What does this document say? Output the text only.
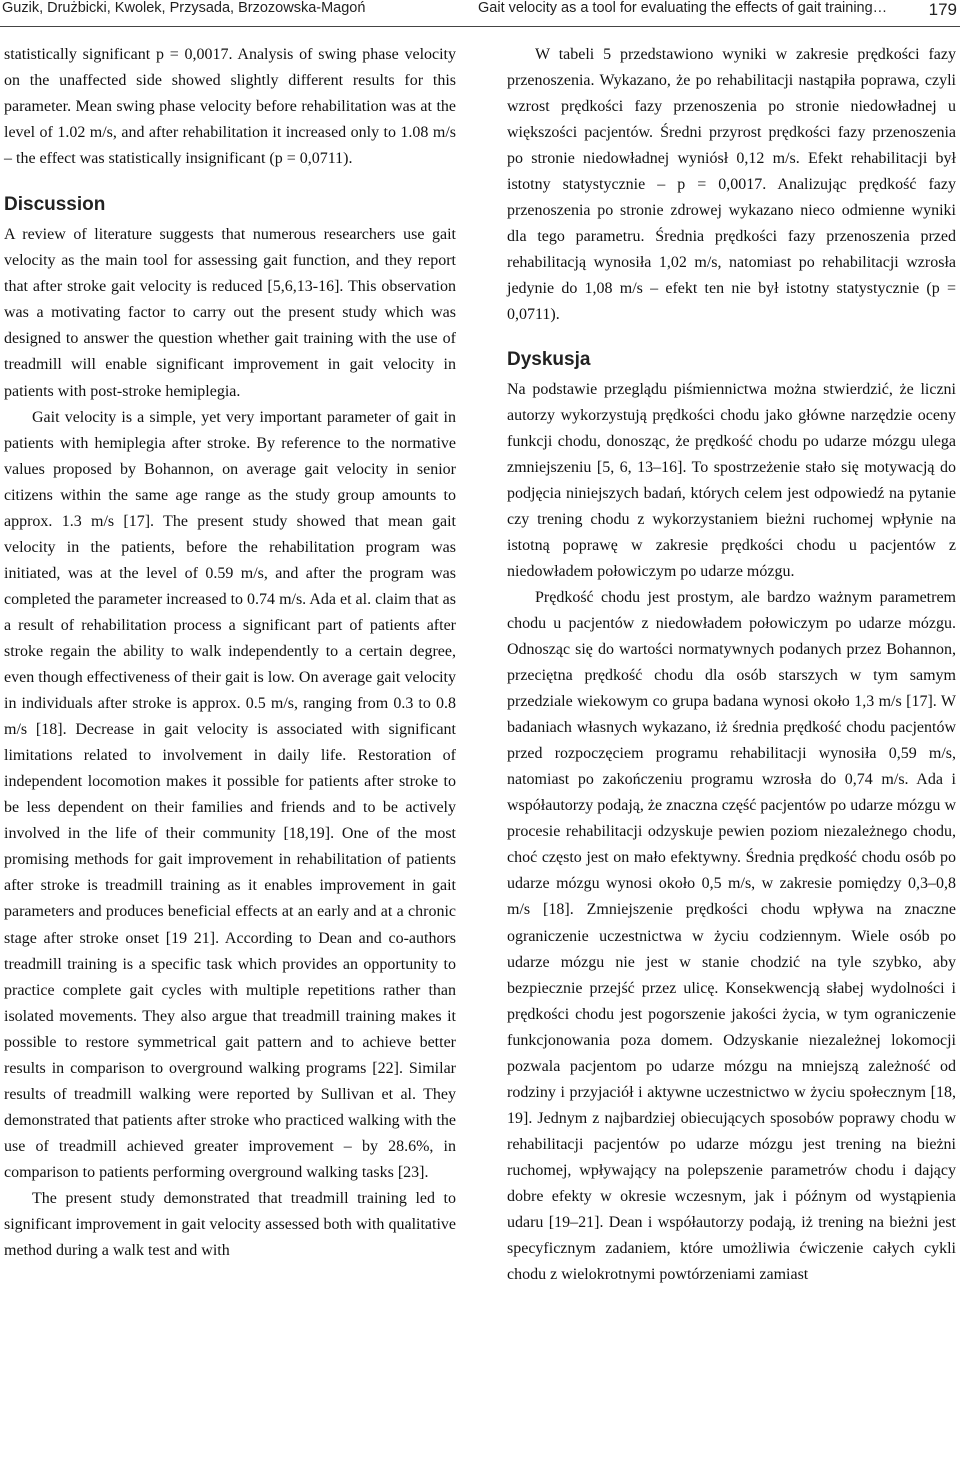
Guzik, Drużbicki, Kwolek, Przysada, Brzozowska-Magoń	Gait velocity as a tool for evaluating the effects of gait training… 179

statistically significant p = 0,0017. Analysis of swing phase velocity on the unaffected side showed slightly different results for this parameter. Mean swing phase velocity before rehabilitation was at the level of 1.02 m/s, and after rehabilitation it increased only to 1.08 m/s – the effect was statistically insignificant (p = 0,0711).

Discussion

A review of literature suggests that numerous researchers use gait velocity as the main tool for assessing gait function, and they report that after stroke gait velocity is reduced [5,6,13-16]. This observation was a motivating factor to carry out the present study which was designed to answer the question whether gait training with the use of treadmill will enable significant improvement in gait velocity in patients with post-stroke hemiplegia.

Gait velocity is a simple, yet very important parameter of gait in patients with hemiplegia after stroke. By reference to the normative values proposed by Bohannon, on average gait velocity in senior citizens within the same age range as the study group amounts to approx. 1.3 m/s [17]. The present study showed that mean gait velocity in the patients, before the rehabilitation program was initiated, was at the level of 0.59 m/s, and after the program was completed the parameter increased to 0.74 m/s. Ada et al. claim that as a result of rehabilitation process a significant part of patients after stroke regain the ability to walk independently to a certain degree, even though effectiveness of their gait is low. On average gait velocity in individuals after stroke is approx. 0.5 m/s, ranging from 0.3 to 0.8 m/s [18]. Decrease in gait velocity is associated with significant limitations related to involvement in daily life. Restoration of independent locomotion makes it possible for patients after stroke to be less dependent on their families and friends and to be actively involved in the life of their community [18,19]. One of the most promising methods for gait improvement in rehabilitation of patients after stroke is treadmill training as it enables improvement in gait parameters and produces beneficial effects at an early and at a chronic stage after stroke onset [19 21]. According to Dean and co-authors treadmill training is a specific task which provides an opportunity to practice complete gait cycles with multiple repetitions rather than isolated movements. They also argue that treadmill training makes it possible to restore symmetrical gait pattern and to achieve better results in comparison to overground walking programs [22]. Similar results of treadmill walking were reported by Sullivan et al. They demonstrated that patients after stroke who practiced walking with the use of treadmill achieved greater improvement – by 28.6%, in comparison to patients performing overground walking tasks [23].

The present study demonstrated that treadmill training led to significant improvement in gait velocity assessed both with qualitative method during a walk test and with

W tabeli 5 przedstawiono wyniki w zakresie prędkości fazy przenoszenia. Wykazano, że po rehabilitacji nastąpiła poprawa, czyli wzrost prędkości fazy przenoszenia po stronie niedowładnej u większości pacjentów. Średni przyrost prędkości fazy przenoszenia po stronie niedowładnej wyniósł 0,12 m/s. Efekt rehabilitacji był istotny statystycznie – p = 0,0017. Analizując prędkość fazy przenoszenia po stronie zdrowej wykazano nieco odmienne wyniki dla tego parametru. Średnia prędkości fazy przenoszenia przed rehabilitacją wynosiła 1,02 m/s, natomiast po rehabilitacji wzrosła jedynie do 1,08 m/s – efekt ten nie był istotny statystycznie (p = 0,0711).

Dyskusja

Na podstawie przeglądu piśmiennictwa można stwierdzić, że liczni autorzy wykorzystują prędkości chodu jako główne narzędzie oceny funkcji chodu, donosząc, że prędkość chodu po udarze mózgu ulega zmniejszeniu [5, 6, 13–16]. To spostrzeżenie stało się motywacją do podjęcia niniejszych badań, których celem jest odpowiedź na pytanie czy trening chodu z wykorzystaniem bieżni ruchomej wpłynie na istotną poprawę w zakresie prędkości chodu u pacjentów z niedowładem połowiczym po udarze mózgu.

Prędkość chodu jest prostym, ale bardzo ważnym parametrem chodu u pacjentów z niedowładem połowiczym po udarze mózgu. Odnosząc się do wartości normatywnych podanych przez Bohannon, przeciętna prędkość chodu dla osób starszych w tym samym przedziale wiekowym co grupa badana wynosi około 1,3 m/s [17]. W badaniach własnych wykazano, iż średnia prędkość chodu pacjentów przed rozpoczęciem programu rehabilitacji wynosiła 0,59 m/s, natomiast po zakończeniu programu wzrosła do 0,74 m/s. Ada i współautorzy podają, że znaczna część pacjentów po udarze mózgu w procesie rehabilitacji odzyskuje pewien poziom niezależnego chodu, choć często jest on mało efektywny. Średnia prędkość chodu osób po udarze mózgu wynosi około 0,5 m/s, w zakresie pomiędzy 0,3–0,8 m/s [18]. Zmniejszenie prędkości chodu wpływa na znaczne ograniczenie uczestnictwa w życiu codziennym. Wiele osób po udarze mózgu nie jest w stanie chodzić na tyle szybko, aby bezpiecznie przejść przez ulicę. Konsekwencją słabej wydolności i prędkości chodu jest pogorszenie jakości życia, w tym ograniczenie funkcjonowania poza domem. Odzyskanie niezależnej lokomocji pozwala pacjentom po udarze mózgu na mniejszą zależność od rodziny i przyjaciół i aktywne uczestnictwo w życiu społecznym [18, 19]. Jednym z najbardziej obiecujących sposobów poprawy chodu w rehabilitacji pacjentów po udarze mózgu jest trening na bieżni ruchomej, wpływający na polepszenie parametrów chodu i dający dobre efekty w okresie wczesnym, jak i późnym od wystąpienia udaru [19–21]. Dean i współautorzy podają, iż trening na bieżni jest specyficznym zadaniem, które umożliwia ćwiczenie całych cykli chodu z wielokrotnymi powtórzeniami zamiast
